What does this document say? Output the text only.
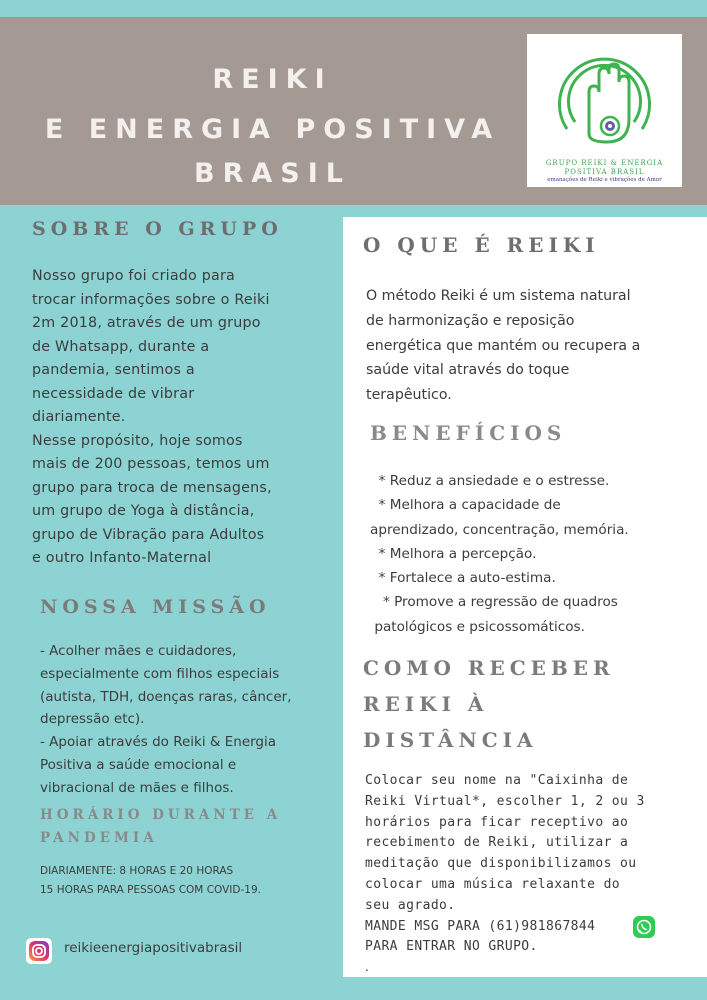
REIKI
E ENERGIA POSITIVA
BRASIL	GRUPO REIKI & ENERGIA
POSITIVA BRASIL
emanações de Reiki e vibrações de Amor
SOBRE O GRUPO
Nosso grupo foi criado para
trocar informações sobre o Reiki
2m 2018, através de um grupo
de Whatsapp, durante a
pandemia, sentimos a
necessidade de vibrar
diariamente.
Nesse propósito, hoje somos
mais de 200 pessoas, temos um
grupo para troca de mensagens,
um grupo de Yoga à distância,
grupo de Vibração para Adultos
e outro Infanto-Maternal
NOSSA MISSÃO
- Acolher mães e cuidadores,
especialmente com filhos especiais
(autista, TDH, doenças raras, câncer,
depressão etc).
- Apoiar através do Reiki & Energia
Positiva a saúde emocional e
vibracional de mães e filhos.
HORÁRIO DURANTE A
PANDEMIA
DIARIAMENTE: 8 HORAS E 20 HORAS
15 HORAS PARA PESSOAS COM COVID-19.
reikieenergiapositivabrasil
O QUE É REIKI
O método Reiki é um sistema natural
de harmonização e reposição
energética que mantém ou recupera a
saúde vital através do toque
terapêutico.
BENEFÍCIOS
* Reduz a ansiedade e o estresse.
* Melhora a capacidade de
aprendizado, concentração, memória.
* Melhora a percepção.
* Fortalece a auto-estima.
* Promove a regressão de quadros
patológicos e psicossomáticos.
COMO RECEBER
REIKI À
DISTÂNCIA
Colocar seu nome na "Caixinha de
Reiki Virtual*, escolher 1, 2 ou 3
horários para ficar receptivo ao
recebimento de Reiki, utilizar a
meditação que disponibilizamos ou
colocar uma música relaxante do
seu agrado.
MANDE MSG PARA (61)981867844
PARA ENTRAR NO GRUPO.
.
